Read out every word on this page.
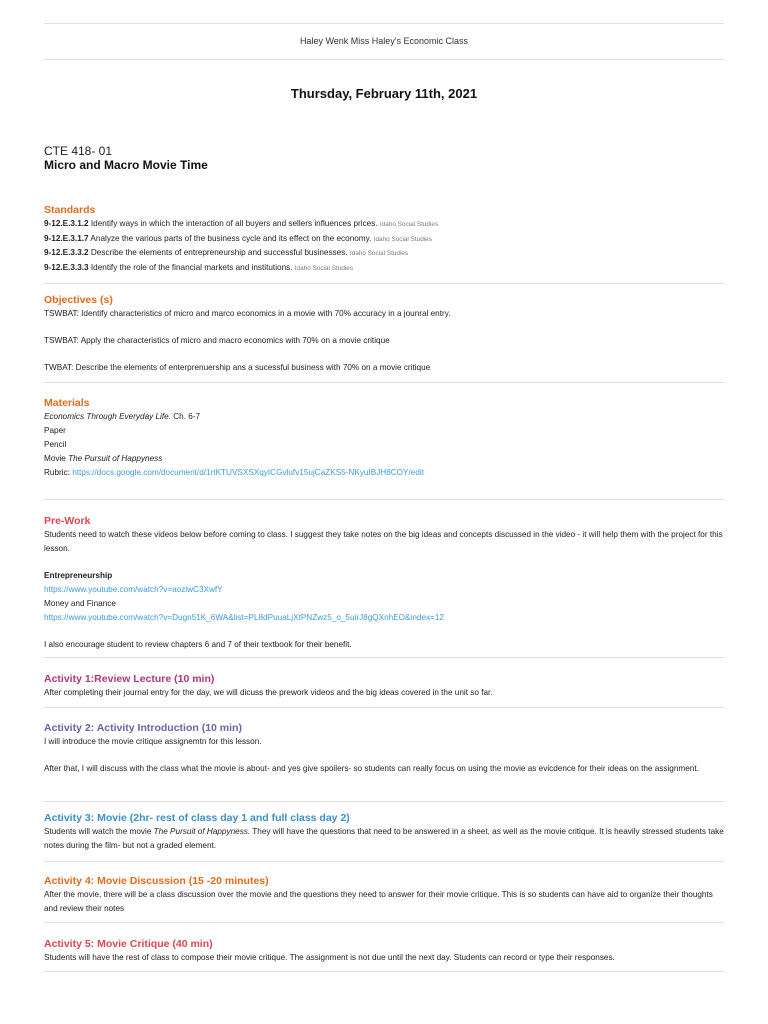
Haley Wenk Miss Haley's Economic Class
Thursday, February 11th, 2021
CTE 418- 01
Micro and Macro Movie Time
Standards
9-12.E.3.1.2 Identify ways in which the interaction of all buyers and sellers influences prices. Idaho Social Studies
9-12.E.3.1.7 Analyze the various parts of the business cycle and its effect on the economy. Idaho Social Studies
9-12.E.3.3.2 Describe the elements of entrepreneurship and successful businesses. Idaho Social Studies
9-12.E.3.3.3 Identify the role of the financial markets and institutions. Idaho Social Studies
Objectives (s)

TSWBAT: Identify characteristics of micro and marco economics in a movie with 70% accuracy in a jounral entry.

TSWBAT: Apply the characteristics of micro and macro economics with 70% on a movie critique

TWBAT: Describe the elements of enterprenuership ans a sucessful business with 70% on a movie critique

Materials

Economics Through Everyday Life. Ch. 6-7

Paper

Pencil

Movie The Pursuit of Happyness

Rubric: https://docs.google.com/document/d/1rtKTUVSXSXqyICGvlufv15ujCaZKS5-NKyuIBJH8COY/edit

Pre-Work

Students need to watch these videos below before coming to class. I suggest they take notes on the big ideas and concepts discussed in the video - it will help them with the project for this lesson.

Entrepreneurship

https://www.youtube.com/watch?v=aozlwC3XwfY

Money and Finance

https://www.youtube.com/watch?v=Dugn51K_6WA&list=PL8dPuuaLjXtPNZwz5_o_5uirJ8gQXnhEO&index=12

I also encourage student to review chapters 6 and 7 of their textbook for their benefit.

Activity 1:Review Lecture (10 min)

After completing their journal entry for the day, we will dicuss the prework videos and the big ideas covered in the unit so far.

Activity 2: Activity Introduction (10 min)

I will introduce the movie critique assignemtn for this lesson.

After that, I will discuss with the class what the movie is about- and yes give spoilers- so students can really focus on using the movie as evicdence for their ideas on the assignment.

Activity 3: Movie (2hr- rest of class day 1 and full class day 2)

Students will watch the movie The Pursuit of Happyness. They will have the questions that need to be answered in a sheet, as well as the movie critique. It is heavily stressed students take notes during the film- but not a graded element.

Activity 4: Movie Discussion (15 -20 minutes)

After the movie, there will be a class discussion over the movie and the questions they need to answer for their movie critique. This is so students can have aid to organize their thoughts and review their notes

Activity 5: Movie Critique (40 min)

Students will have the rest of class to compose their movie critique. The assignment is not due until the next day. Students can record or type their responses.
